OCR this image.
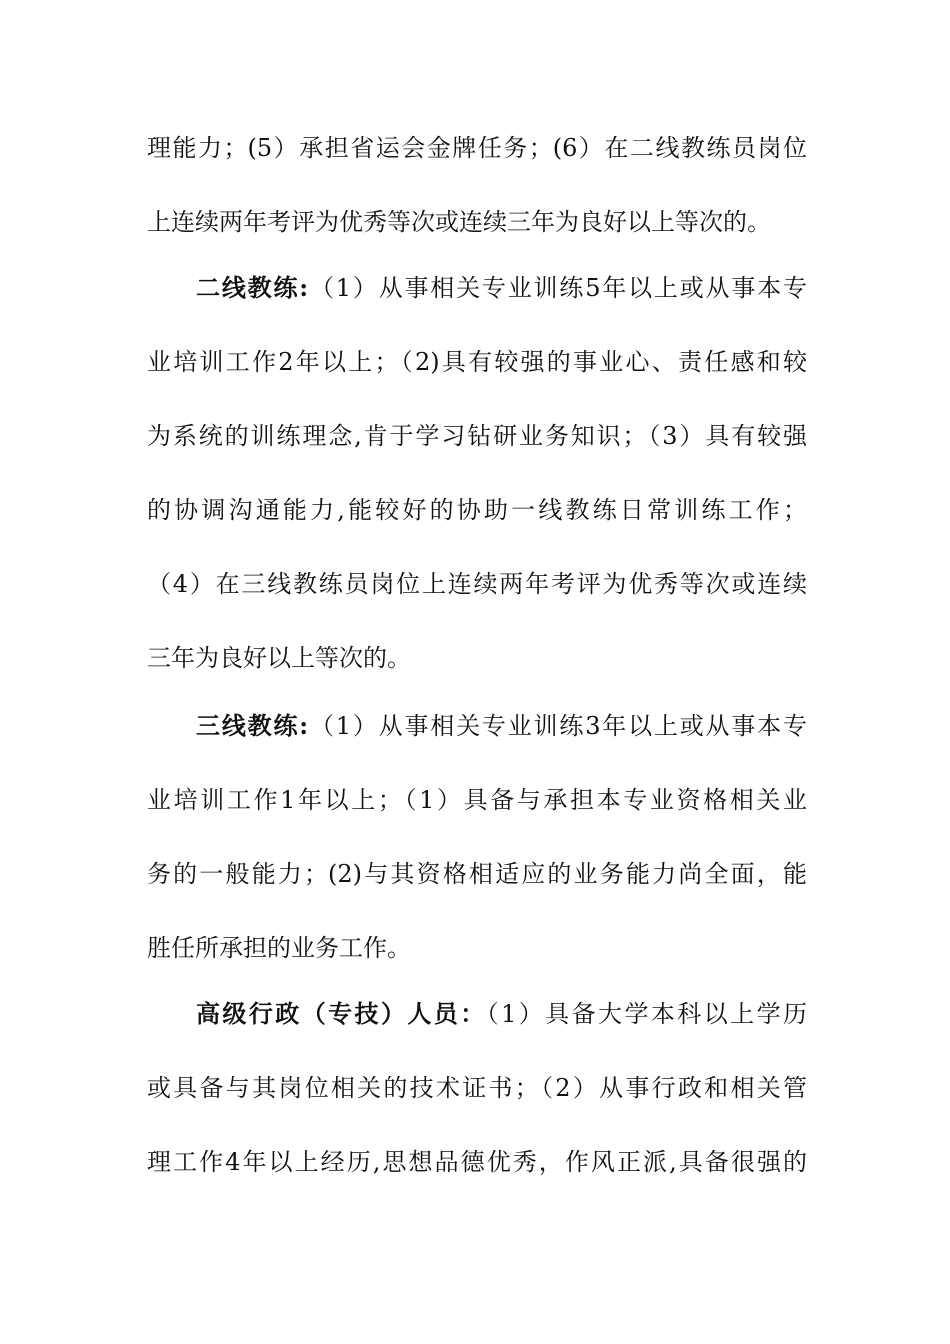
理能力；(5）承担省运会金牌任务；(6）在二线教练员岗位
上连续两年考评为优秀等次或连续三年为良好以上等次的。
二线教练:（1）从事相关专业训练5年以上或从事本专
业培训工作2年以上；（2)具有较强的事业心、责任感和较
为系统的训练理念,肯于学习钻研业务知识；（3）具有较强
的协调沟通能力,能较好的协助一线教练日常训练工作；
（4）在三线教练员岗位上连续两年考评为优秀等次或连续
三年为良好以上等次的。
三线教练:（1）从事相关专业训练3年以上或从事本专
业培训工作1年以上；（1）具备与承担本专业资格相关业
务的一般能力；(2)与其资格相适应的业务能力尚全面，能
胜任所承担的业务工作。
高级行政（专技）人员：（1）具备大学本科以上学历
或具备与其岗位相关的技术证书；（2）从事行政和相关管
理工作4年以上经历,思想品德优秀，作风正派,具备很强的
